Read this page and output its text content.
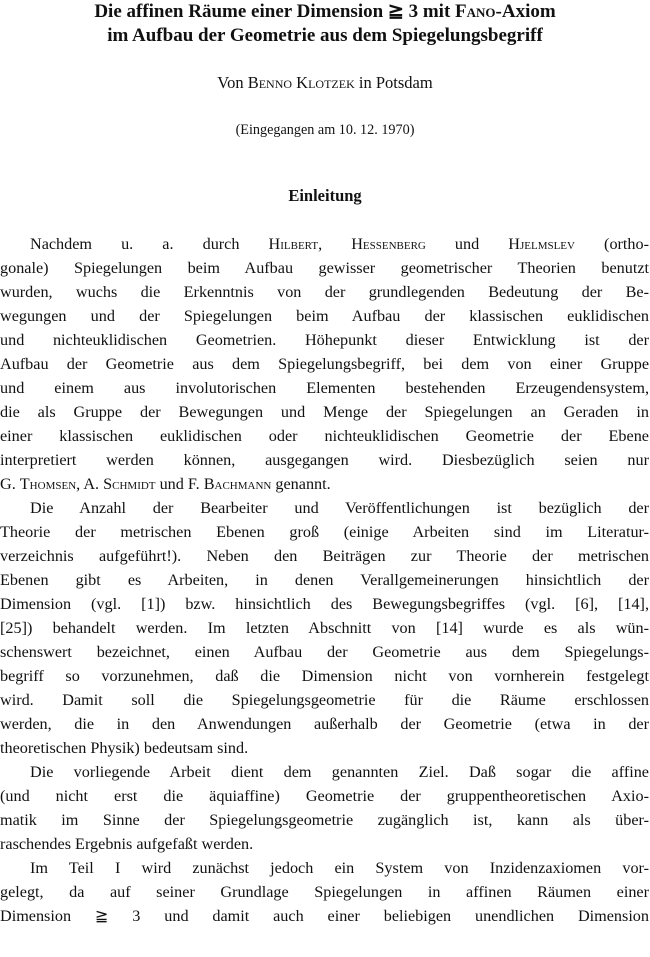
Die affinen Räume einer Dimension ≧ 3 mit Fano-Axiom
im Aufbau der Geometrie aus dem Spiegelungsbegriff
Von Benno Klotzek in Potsdam
(Eingegangen am 10. 12. 1970)
Einleitung
Nachdem u. a. durch Hilbert, Hessenberg und Hjelmslev (ortho-
gonale) Spiegelungen beim Aufbau gewisser geometrischer Theorien benutzt
wurden, wuchs die Erkenntnis von der grundlegenden Bedeutung der Be-
wegungen und der Spiegelungen beim Aufbau der klassischen euklidischen
und nichteuklidischen Geometrien. Höhepunkt dieser Entwicklung ist der
Aufbau der Geometrie aus dem Spiegelungsbegriff, bei dem von einer Gruppe
und einem aus involutorischen Elementen bestehenden Erzeugendensystem,
die als Gruppe der Bewegungen und Menge der Spiegelungen an Geraden in
einer klassischen euklidischen oder nichteuklidischen Geometrie der Ebene
interpretiert werden können, ausgegangen wird. Diesbezüglich seien nur
G. Thomsen, A. Schmidt und F. Bachmann genannt.
Die Anzahl der Bearbeiter und Veröffentlichungen ist bezüglich der
Theorie der metrischen Ebenen groß (einige Arbeiten sind im Literatur-
verzeichnis aufgeführt!). Neben den Beiträgen zur Theorie der metrischen
Ebenen gibt es Arbeiten, in denen Verallgemeinerungen hinsichtlich der
Dimension (vgl. [1]) bzw. hinsichtlich des Bewegungsbegriffes (vgl. [6], [14],
[25]) behandelt werden. Im letzten Abschnitt von [14] wurde es als wün-
schenswert bezeichnet, einen Aufbau der Geometrie aus dem Spiegelungs-
begriff so vorzunehmen, daß die Dimension nicht von vornherein festgelegt
wird. Damit soll die Spiegelungsgeometrie für die Räume erschlossen
werden, die in den Anwendungen außerhalb der Geometrie (etwa in der
theoretischen Physik) bedeutsam sind.
Die vorliegende Arbeit dient dem genannten Ziel. Daß sogar die affine
(und nicht erst die äquiaffine) Geometrie der gruppentheoretischen Axio-
matik im Sinne der Spiegelungsgeometrie zugänglich ist, kann als über-
raschendes Ergebnis aufgefaßt werden.
Im Teil I wird zunächst jedoch ein System von Inzidenzaxiomen vor-
gelegt, da auf seiner Grundlage Spiegelungen in affinen Räumen einer
Dimension ≧ 3 und damit auch einer beliebigen unendlichen Dimension
